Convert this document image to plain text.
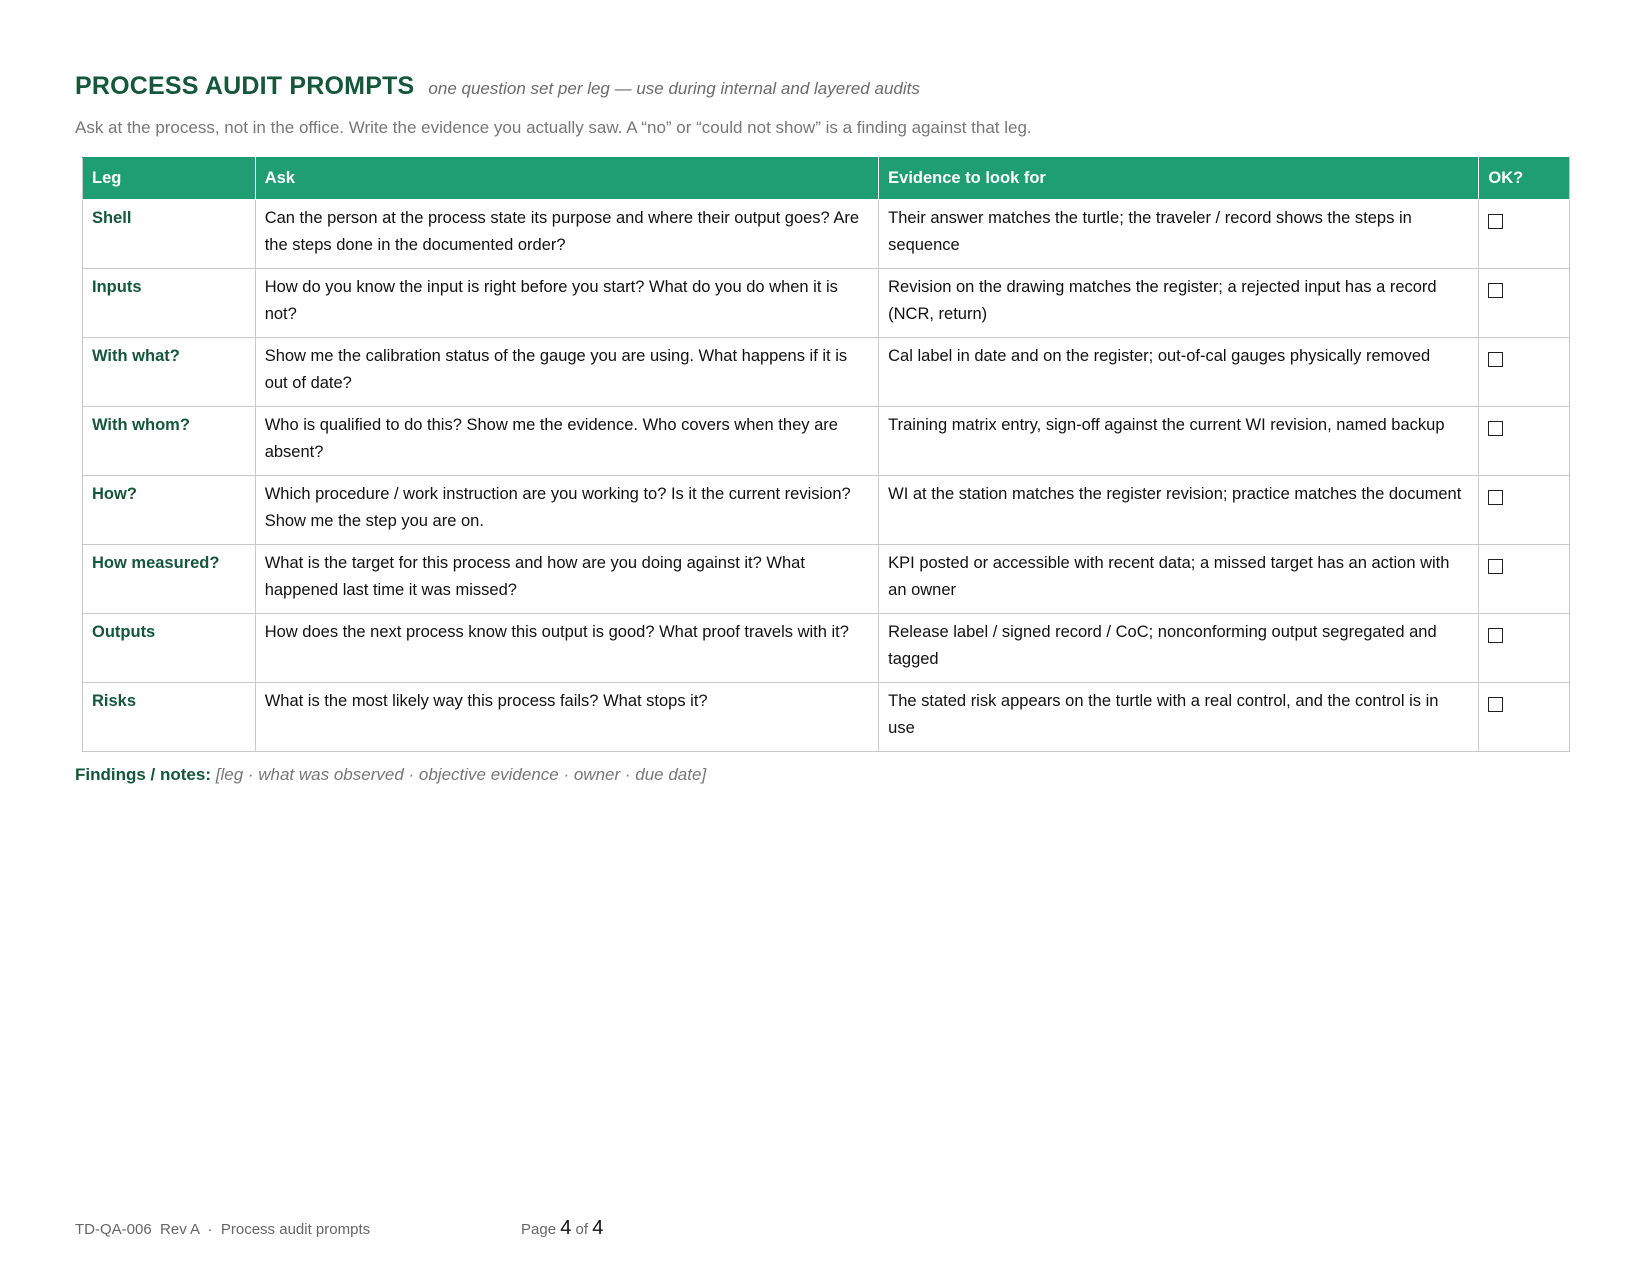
PROCESS AUDIT PROMPTS one question set per leg — use during internal and layered audits
Ask at the process, not in the office. Write the evidence you actually saw. A “no” or “could not show” is a finding against that leg.
Leg	Ask	Evidence to look for	OK?
Shell	Can the person at the process state its purpose and where their output goes? Are the steps done in the documented order?	Their answer matches the turtle; the traveler / record shows the steps in sequence	
Inputs	How do you know the input is right before you start? What do you do when it is not?	Revision on the drawing matches the register; a rejected input has a record (NCR, return)	
With what?	Show me the calibration status of the gauge you are using. What happens if it is out of date?	Cal label in date and on the register; out-of-cal gauges physically removed	
With whom?	Who is qualified to do this? Show me the evidence. Who covers when they are absent?	Training matrix entry, sign-off against the current WI revision, named backup	
How?	Which procedure / work instruction are you working to? Is it the current revision? Show me the step you are on.	WI at the station matches the register revision; practice matches the document	
How measured?	What is the target for this process and how are you doing against it? What happened last time it was missed?	KPI posted or accessible with recent data; a missed target has an action with an owner	
Outputs	How does the next process know this output is good? What proof travels with it?	Release label / signed record / CoC; nonconforming output segregated and tagged	
Risks	What is the most likely way this process fails? What stops it?	The stated risk appears on the turtle with a real control, and the control is in use	
Findings / notes: [leg · what was observed · objective evidence · owner · due date]
TD-QA-006  Rev A  ·  Process audit prompts	Page 4 of 4
